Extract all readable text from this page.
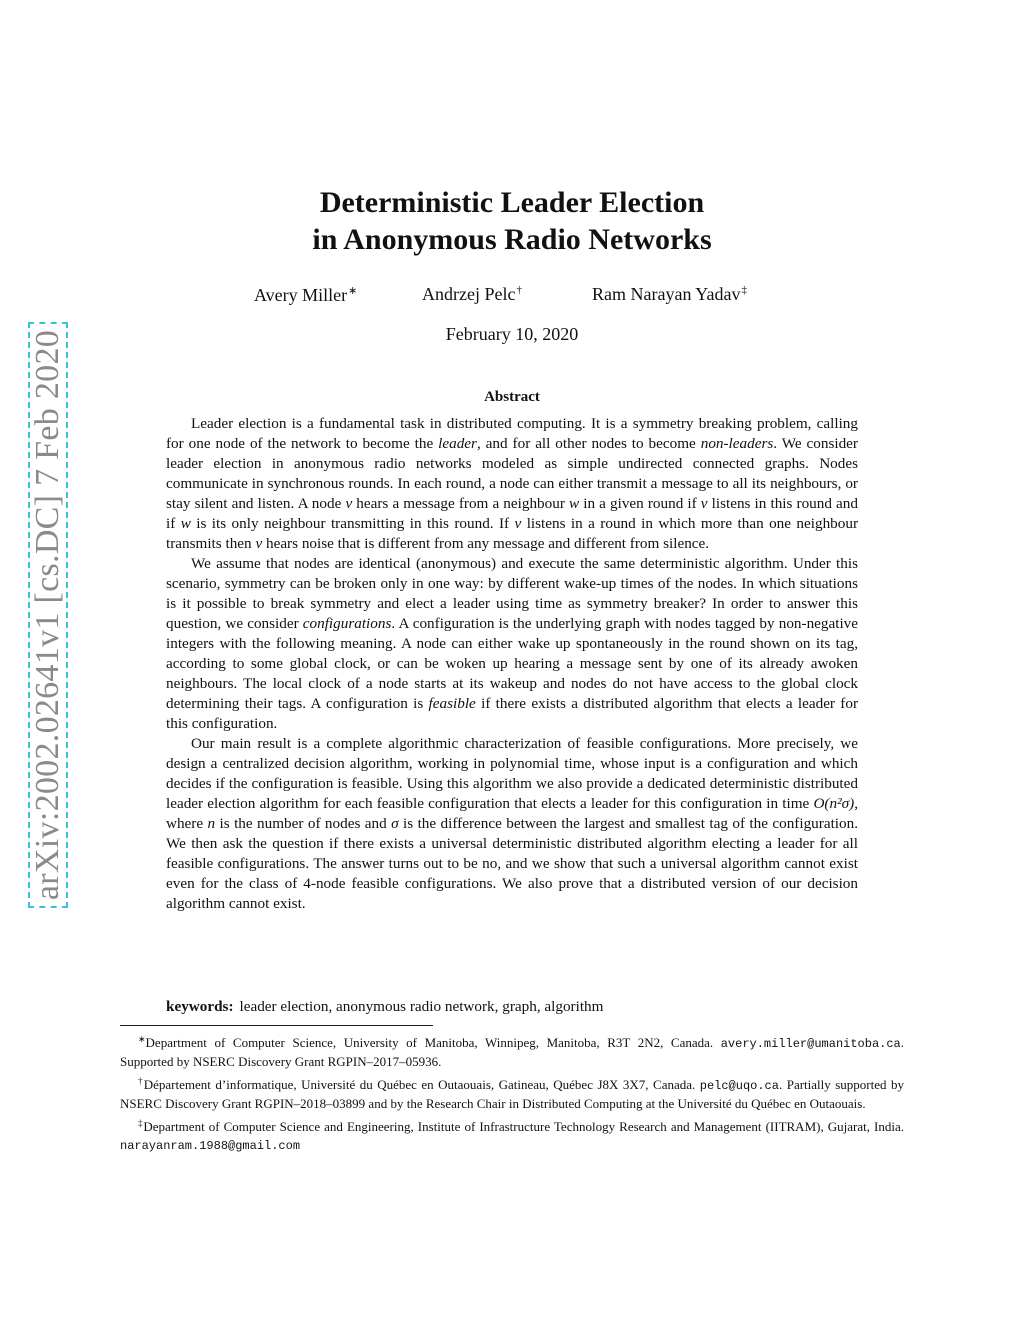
arXiv:2002.02641v1 [cs.DC] 7 Feb 2020
Deterministic Leader Election
in Anonymous Radio Networks
Avery Miller∗	Andrzej Pelc†	Ram Narayan Yadav‡
February 10, 2020
Abstract

Leader election is a fundamental task in distributed computing. It is a symmetry breaking problem, calling for one node of the network to become the leader, and for all other nodes to become non-leaders. We consider leader election in anonymous radio networks modeled as simple undirected connected graphs. Nodes communicate in synchronous rounds. In each round, a node can either transmit a message to all its neighbours, or stay silent and listen. A node v hears a message from a neighbour w in a given round if v listens in this round and if w is its only neighbour transmitting in this round. If v listens in a round in which more than one neighbour transmits then v hears noise that is different from any message and different from silence.

We assume that nodes are identical (anonymous) and execute the same deterministic algorithm. Under this scenario, symmetry can be broken only in one way: by different wake-up times of the nodes. In which situations is it possible to break symmetry and elect a leader using time as symmetry breaker? In order to answer this question, we consider configurations. A configuration is the underlying graph with nodes tagged by non-negative integers with the following meaning. A node can either wake up spontaneously in the round shown on its tag, according to some global clock, or can be woken up hearing a message sent by one of its already awoken neighbours. The local clock of a node starts at its wakeup and nodes do not have access to the global clock determining their tags. A configuration is feasible if there exists a distributed algorithm that elects a leader for this configuration.

Our main result is a complete algorithmic characterization of feasible configurations. More precisely, we design a centralized decision algorithm, working in polynomial time, whose input is a configuration and which decides if the configuration is feasible. Using this algorithm we also provide a dedicated deterministic distributed leader election algorithm for each feasible configuration that elects a leader for this configuration in time O(n²σ), where n is the number of nodes and σ is the difference between the largest and smallest tag of the configuration. We then ask the question if there exists a universal deterministic distributed algorithm electing a leader for all feasible configurations. The answer turns out to be no, and we show that such a universal algorithm cannot exist even for the class of 4-node feasible configurations. We also prove that a distributed version of our decision algorithm cannot exist.

keywords: leader election, anonymous radio network, graph, algorithm

∗Department of Computer Science, University of Manitoba, Winnipeg, Manitoba, R3T 2N2, Canada. avery.miller@umanitoba.ca. Supported by NSERC Discovery Grant RGPIN–2017–05936.

†Département d’informatique, Université du Québec en Outaouais, Gatineau, Québec J8X 3X7, Canada. pelc@uqo.ca. Partially supported by NSERC Discovery Grant RGPIN–2018–03899 and by the Research Chair in Distributed Computing at the Université du Québec en Outaouais.

‡Department of Computer Science and Engineering, Institute of Infrastructure Technology Research and Management (IITRAM), Gujarat, India. narayanram.1988@gmail.com
